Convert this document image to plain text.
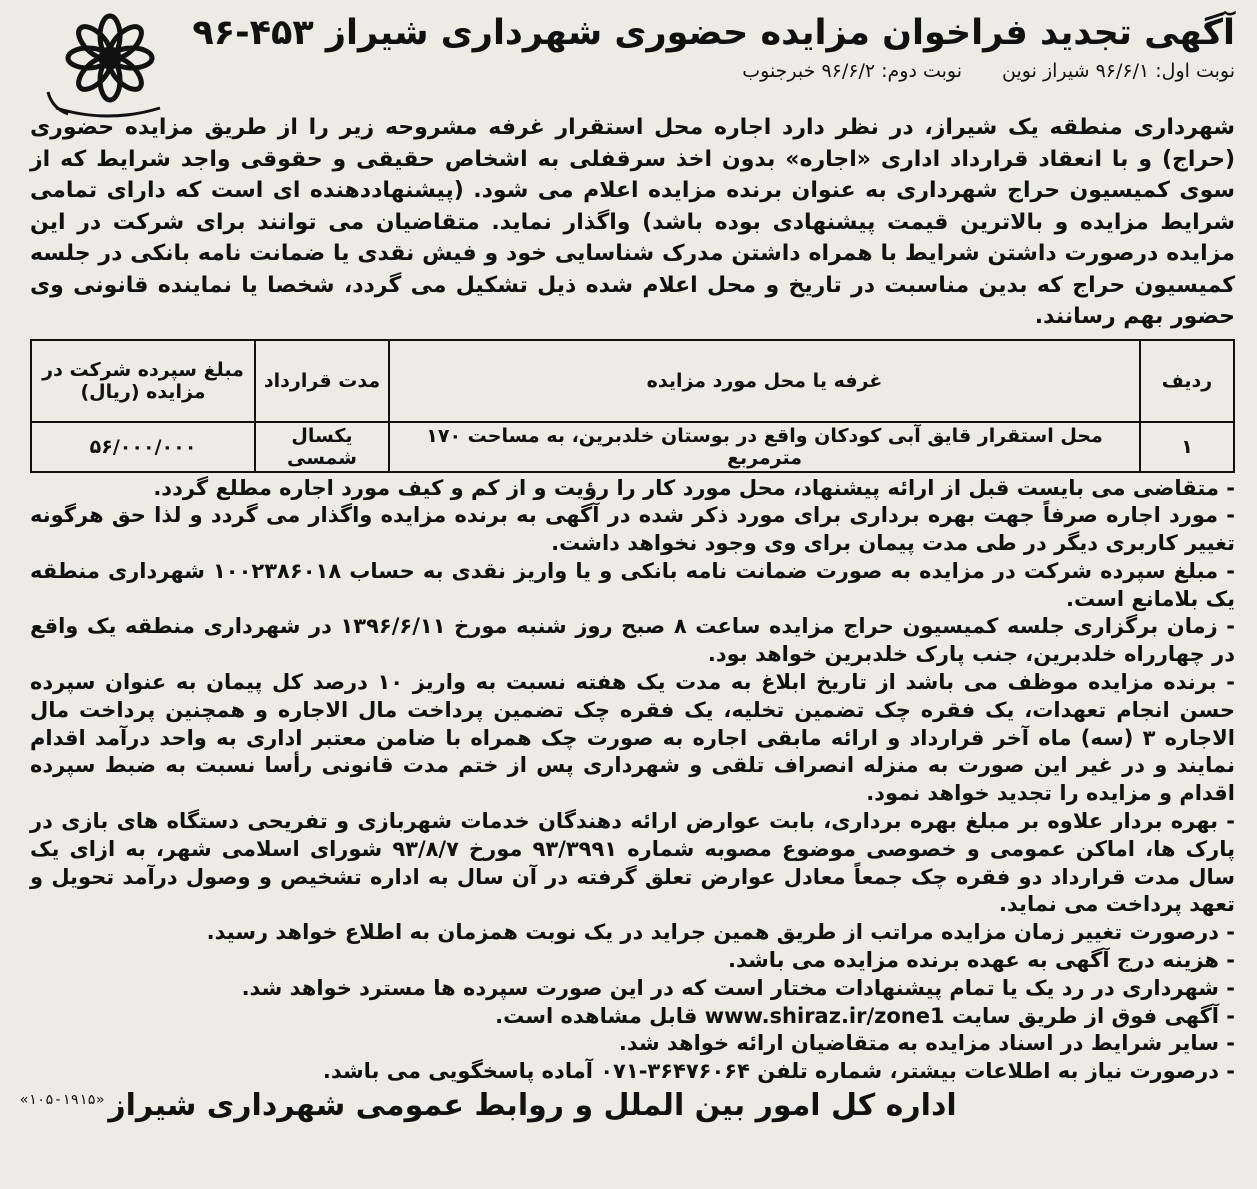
آگهی تجدید فراخوان مزایده حضوری شهرداری شیراز ۴۵۳-۹۶
نوبت اول: ۹۶/۶/۱ شیراز نوین نوبت دوم: ۹۶/۶/۲ خبرجنوب

شهرداری منطقه یک شیراز، در نظر دارد اجاره محل استقرار غرفه مشروحه زیر را از طریق مزایده حضوری (حراج) و با انعقاد قرارداد اداری «اجاره» بدون اخذ سرقفلی به اشخاص حقیقی و حقوقی واجد شرایط که از سوی کمیسیون حراج شهرداری به عنوان برنده مزایده اعلام می شود. (پیشنهاددهنده ای است که دارای تمامی شرایط مزایده و بالاترین قیمت پیشنهادی بوده باشد) واگذار نماید. متقاضیان می توانند برای شرکت در این مزایده درصورت داشتن شرایط با همراه داشتن مدرک شناسایی خود و فیش نقدی یا ضمانت نامه بانکی در جلسه کمیسیون حراج که بدین مناسبت در تاریخ و محل اعلام شده ذیل تشکیل می گردد، شخصا یا نماینده قانونی وی حضور بهم رسانند.

ردیف	غرفه یا محل مورد مزایده	مدت قرارداد	مبلغ سپرده شرکت در مزایده (ریال)
۱	محل استقرار قایق آبی کودکان واقع در بوستان خلدبرین، به مساحت ۱۷۰ مترمربع	یکسال شمسی	۵۶/۰۰۰/۰۰۰
- متقاضی می بایست قبل از ارائه پیشنهاد، محل مورد کار را رؤیت و از کم و کیف مورد اجاره مطلع گردد.
- مورد اجاره صرفاً جهت بهره برداری برای مورد ذکر شده در آگهی به برنده مزایده واگذار می گردد و لذا حق هرگونه تغییر کاربری دیگر در طی مدت پیمان برای وی وجود نخواهد داشت.
- مبلغ سپرده شرکت در مزایده به صورت ضمانت نامه بانکی و یا واریز نقدی به حساب ۱۰۰۲۳۸۶۰۱۸ شهرداری منطقه یک بلامانع است.
- زمان برگزاری جلسه کمیسیون حراج مزایده ساعت ۸ صبح روز شنبه مورخ ۱۳۹۶/۶/۱۱ در شهرداری منطقه یک واقع در چهارراه خلدبرین، جنب پارک خلدبرین خواهد بود.
- برنده مزایده موظف می باشد از تاریخ ابلاغ به مدت یک هفته نسبت به واریز ۱۰ درصد کل پیمان به عنوان سپرده حسن انجام تعهدات، یک فقره چک تضمین تخلیه، یک فقره چک تضمین پرداخت مال الاجاره و همچنین پرداخت مال الاجاره ۳ (سه) ماه آخر قرارداد و ارائه مابقی اجاره به صورت چک همراه با ضامن معتبر اداری به واحد درآمد اقدام نمایند و در غیر این صورت به منزله انصراف تلقی و شهرداری پس از ختم مدت قانونی رأسا نسبت به ضبط سپرده اقدام و مزایده را تجدید خواهد نمود.
- بهره بردار علاوه بر مبلغ بهره برداری، بابت عوارض ارائه دهندگان خدمات شهربازی و تفریحی دستگاه های بازی در پارک ها، اماکن عمومی و خصوصی موضوع مصوبه شماره ۹۳/۳۹۹۱ مورخ ۹۳/۸/۷ شورای اسلامی شهر، به ازای یک سال مدت قرارداد دو فقره چک جمعاً معادل عوارض تعلق گرفته در آن سال به اداره تشخیص و وصول درآمد تحویل و تعهد پرداخت می نماید.
- درصورت تغییر زمان مزایده مراتب از طریق همین جراید در یک نوبت همزمان به اطلاع خواهد رسید.
- هزینه درج آگهی به عهده برنده مزایده می باشد.
- شهرداری در رد یک یا تمام پیشنهادات مختار است که در این صورت سپرده ها مسترد خواهد شد.
- آگهی فوق از طریق سایت www.shiraz.ir/zone1 قابل مشاهده است.
- سایر شرایط در اسناد مزایده به متقاضیان ارائه خواهد شد.
- درصورت نیاز به اطلاعات بیشتر، شماره تلفن ۳۶۴۷۶۰۶۴-۰۷۱ آماده پاسخگویی می باشد.
اداره کل امور بین الملل و روابط عمومی شهرداری شیراز
«۱۰۵-۱۹۱۵»
